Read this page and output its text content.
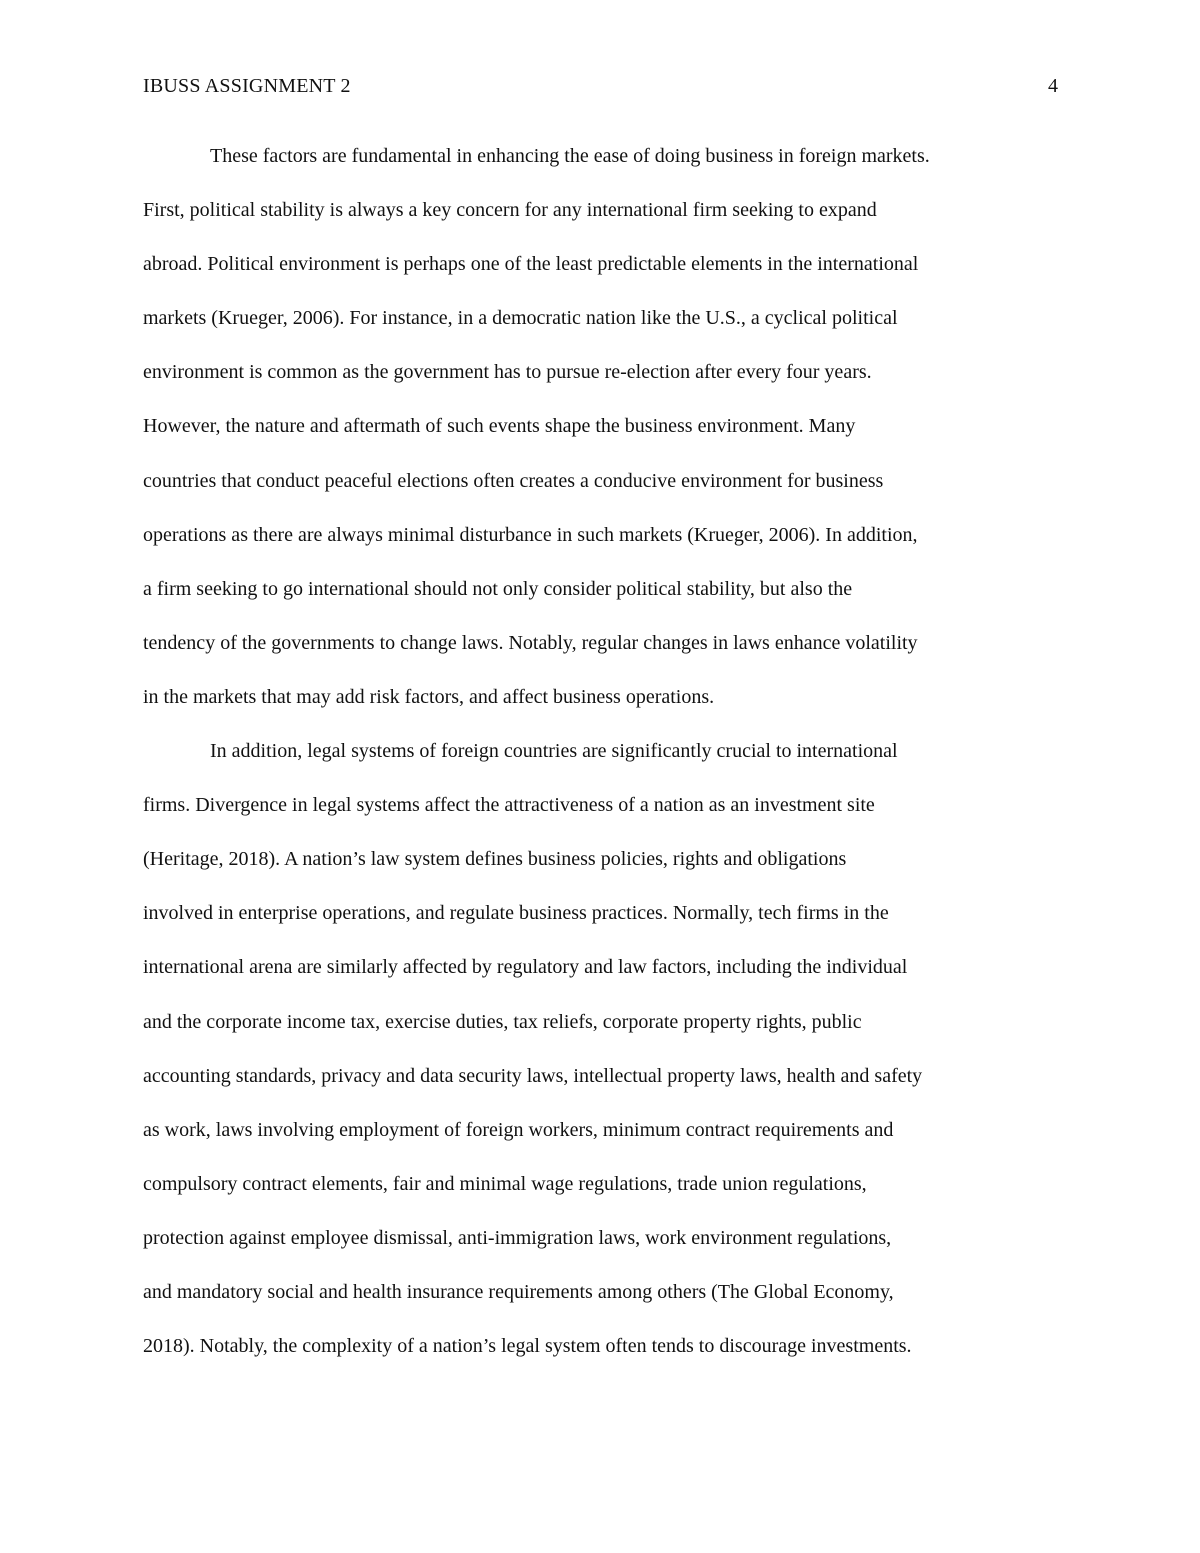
IBUSS ASSIGNMENT 2	4
These factors are fundamental in enhancing the ease of doing business in foreign markets.
First, political stability is always a key concern for any international firm seeking to expand
abroad. Political environment is perhaps one of the least predictable elements in the international
markets (Krueger, 2006). For instance, in a democratic nation like the U.S., a cyclical political
environment is common as the government has to pursue re-election after every four years.
However, the nature and aftermath of such events shape the business environment. Many
countries that conduct peaceful elections often creates a conducive environment for business
operations as there are always minimal disturbance in such markets (Krueger, 2006). In addition,
a firm seeking to go international should not only consider political stability, but also the
tendency of the governments to change laws. Notably, regular changes in laws enhance volatility
in the markets that may add risk factors, and affect business operations.
In addition, legal systems of foreign countries are significantly crucial to international
firms. Divergence in legal systems affect the attractiveness of a nation as an investment site
(Heritage, 2018). A nation’s law system defines business policies, rights and obligations
involved in enterprise operations, and regulate business practices. Normally, tech firms in the
international arena are similarly affected by regulatory and law factors, including the individual
and the corporate income tax, exercise duties, tax reliefs, corporate property rights, public
accounting standards, privacy and data security laws, intellectual property laws, health and safety
as work, laws involving employment of foreign workers, minimum contract requirements and
compulsory contract elements, fair and minimal wage regulations, trade union regulations,
protection against employee dismissal, anti-immigration laws, work environment regulations,
and mandatory social and health insurance requirements among others (The Global Economy,
2018). Notably, the complexity of a nation’s legal system often tends to discourage investments.
